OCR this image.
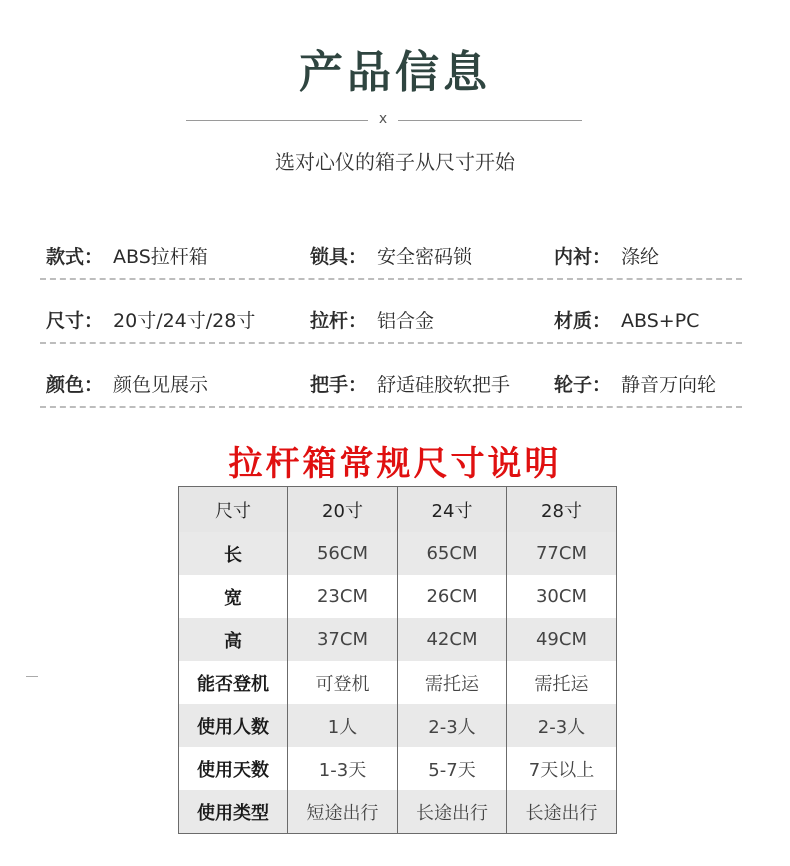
产品信息
x
选对心仪的箱子从尺寸开始
款式： ABS拉杆箱	锁具： 安全密码锁	内衬： 涤纶
尺寸： 20寸/24寸/28寸	拉杆： 铝合金	材质： ABS+PC
颜色： 颜色见展示	把手： 舒适硅胶软把手 轮子： 静音万向轮
拉杆箱常规尺寸说明
尺寸	20寸	24寸	28寸
长	56CM	65CM	77CM
宽	23CM	26CM	30CM
高	37CM	42CM	49CM
能否登机	可登机	需托运	需托运
使用人数	1人	2-3人	2-3人
使用天数	1-3天	5-7天	7天以上
使用类型	短途出行	长途出行	长途出行
